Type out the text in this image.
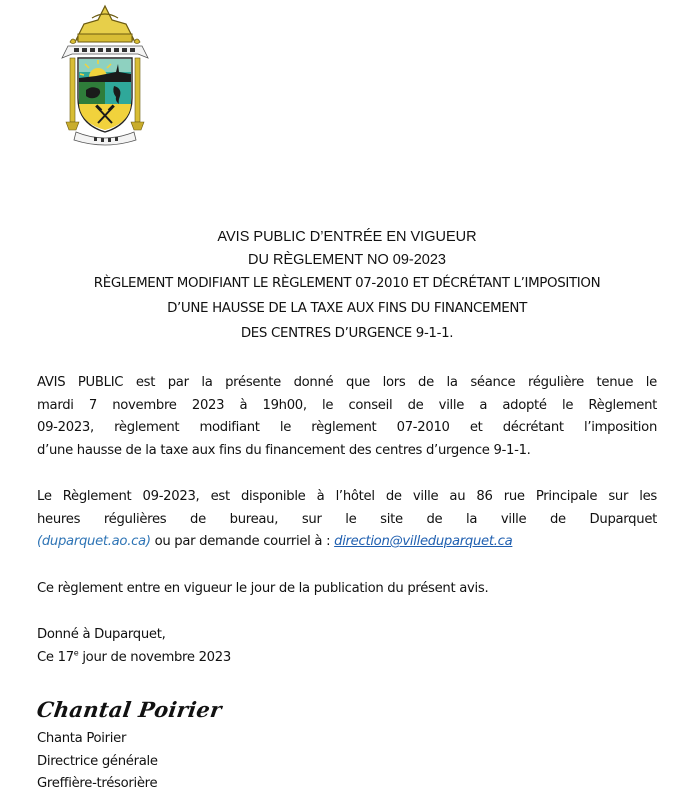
AVIS PUBLIC D’ENTRÉE EN VIGUEUR
DU RÈGLEMENT NO 09-2023
RÈGLEMENT MODIFIANT LE RÈGLEMENT 07-2010 ET DÉCRÉTANT L’IMPOSITION
D’UNE HAUSSE DE LA TAXE AUX FINS DU FINANCEMENT
DES CENTRES D’URGENCE 9-1-1.
AVIS PUBLIC est par la présente donné que lors de la séance régulière tenue le
mardi 7 novembre 2023 à 19h00, le conseil de ville a adopté le Règlement
09-2023, règlement modifiant le règlement 07-2010 et décrétant l’imposition
d’une hausse de la taxe aux fins du financement des centres d’urgence 9-1-1.
Le Règlement 09-2023, est disponible à l’hôtel de ville au 86 rue Principale sur les
heures régulières de bureau, sur le site de la ville de Duparquet
(duparquet.ao.ca) ou par demande courriel à : direction@villeduparquet.ca
Ce règlement entre en vigueur le jour de la publication du présent avis.
Donné à Duparquet,
Ce 17e jour de novembre 2023
Chantal Poirier
Chanta Poirier
Directrice générale
Greffière-trésorière
